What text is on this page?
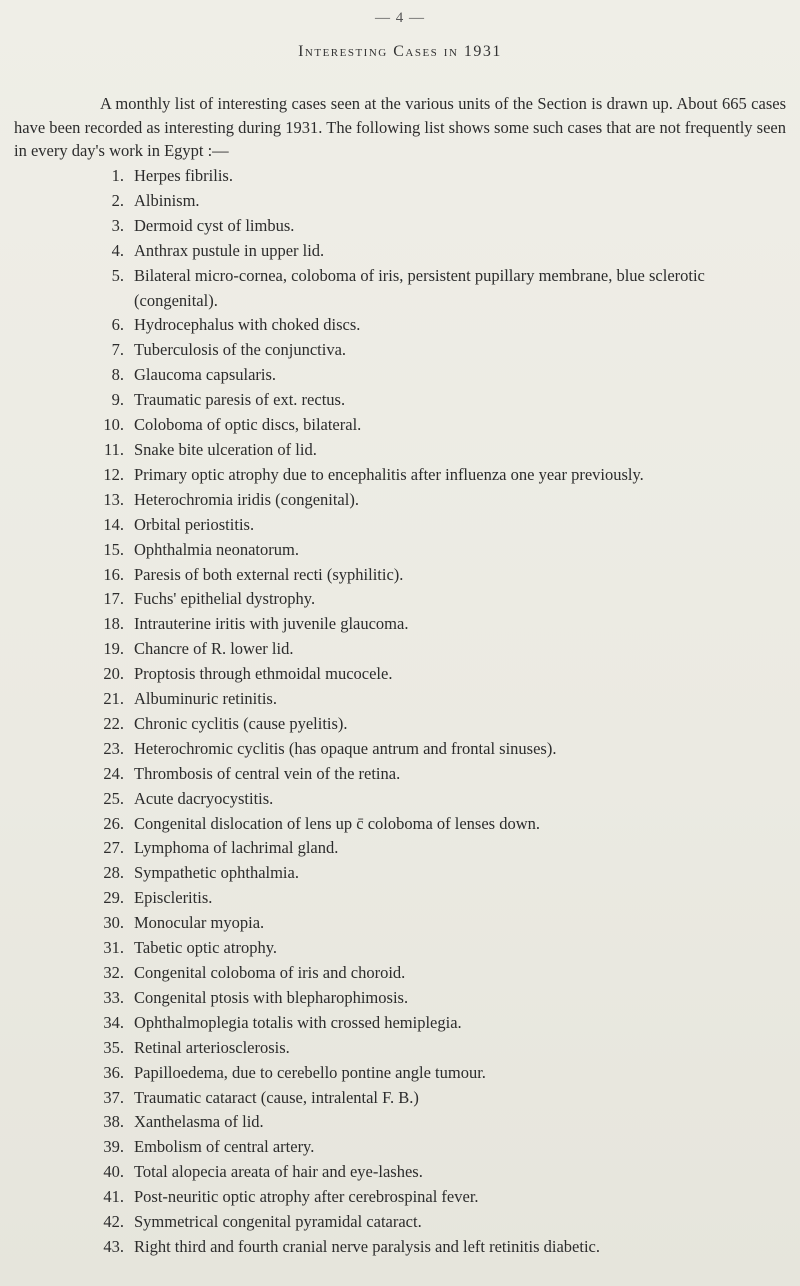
— 4 —
Interesting Cases in 1931
A monthly list of interesting cases seen at the various units of the Section is drawn up. About 665 cases have been recorded as interesting during 1931. The following list shows some such cases that are not frequently seen in every day's work in Egypt :—
1. Herpes fibrilis.
2. Albinism.
3. Dermoid cyst of limbus.
4. Anthrax pustule in upper lid.
5. Bilateral micro-cornea, coloboma of iris, persistent pupillary membrane, blue sclerotic (congenital).
6. Hydrocephalus with choked discs.
7. Tuberculosis of the conjunctiva.
8. Glaucoma capsularis.
9. Traumatic paresis of ext. rectus.
10. Coloboma of optic discs, bilateral.
11. Snake bite ulceration of lid.
12. Primary optic atrophy due to encephalitis after influenza one year previously.
13. Heterochromia iridis (congenital).
14. Orbital periostitis.
15. Ophthalmia neonatorum.
16. Paresis of both external recti (syphilitic).
17. Fuchs' epithelial dystrophy.
18. Intrauterine iritis with juvenile glaucoma.
19. Chancre of R. lower lid.
20. Proptosis through ethmoidal mucocele.
21. Albuminuric retinitis.
22. Chronic cyclitis (cause pyelitis).
23. Heterochromic cyclitis (has opaque antrum and frontal sinuses).
24. Thrombosis of central vein of the retina.
25. Acute dacryocystitis.
26. Congenital dislocation of lens up c̄ coloboma of lenses down.
27. Lymphoma of lachrimal gland.
28. Sympathetic ophthalmia.
29. Episcleritis.
30. Monocular myopia.
31. Tabetic optic atrophy.
32. Congenital coloboma of iris and choroid.
33. Congenital ptosis with blepharophimosis.
34. Ophthalmoplegia totalis with crossed hemiplegia.
35. Retinal arteriosclerosis.
36. Papilloedema, due to cerebello pontine angle tumour.
37. Traumatic cataract (cause, intralental F. B.)
38. Xanthelasma of lid.
39. Embolism of central artery.
40. Total alopecia areata of hair and eye-lashes.
41. Post-neuritic optic atrophy after cerebrospinal fever.
42. Symmetrical congenital pyramidal cataract.
43. Right third and fourth cranial nerve paralysis and left retinitis diabetic.
